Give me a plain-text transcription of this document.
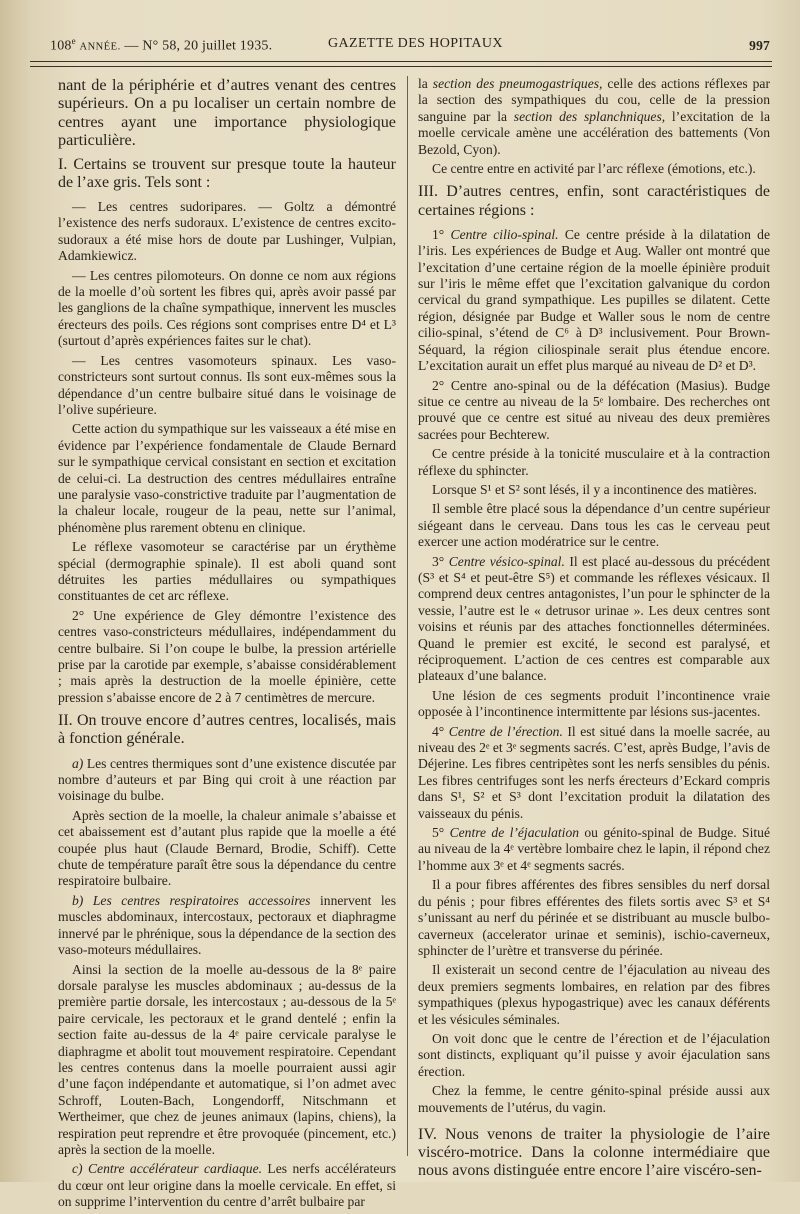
108e ANNÉE. — N° 58, 20 juillet 1935.	GAZETTE DES HOPITAUX	997

nant de la périphérie et d’autres venant des centres supérieurs. On a pu localiser un certain nombre de centres ayant une importance physiologique particulière.

I. Certains se trouvent sur presque toute la hauteur de l’axe gris. Tels sont :

— Les centres sudoripares. — Goltz a démontré l’existence des nerfs sudoraux. L’existence de centres excito-sudoraux a été mise hors de doute par Lushinger, Vulpian, Adamkiewicz.

— Les centres pilomoteurs. On donne ce nom aux régions de la moelle d’où sortent les fibres qui, après avoir passé par les ganglions de la chaîne sympathique, innervent les muscles érecteurs des poils. Ces régions sont comprises entre D⁴ et L³ (surtout d’après expériences faites sur le chat).

— Les centres vasomoteurs spinaux. Les vaso-constricteurs sont surtout connus. Ils sont eux-mêmes sous la dépendance d’un centre bulbaire situé dans le voisinage de l’olive supérieure.

Cette action du sympathique sur les vaisseaux a été mise en évidence par l’expérience fondamentale de Claude Bernard sur le sympathique cervical consistant en section et excitation de celui-ci. La destruction des centres médullaires entraîne une paralysie vaso-constrictive traduite par l’augmentation de la chaleur locale, rougeur de la peau, nette sur l’animal, phénomène plus rarement obtenu en clinique.

Le réflexe vasomoteur se caractérise par un érythème spécial (dermographie spinale). Il est aboli quand sont détruites les parties médullaires ou sympathiques constituantes de cet arc réflexe.

2° Une expérience de Gley démontre l’existence des centres vaso-constricteurs médullaires, indépendamment du centre bulbaire. Si l’on coupe le bulbe, la pression artérielle prise par la carotide par exemple, s’abaisse considérablement ; mais après la destruction de la moelle épinière, cette pression s’abaisse encore de 2 à 7 centimètres de mercure.

II. On trouve encore d’autres centres, localisés, mais à fonction générale.

a) Les centres thermiques sont d’une existence discutée par nombre d’auteurs et par Bing qui croit à une réaction par voisinage du bulbe.

Après section de la moelle, la chaleur animale s’abaisse et cet abaissement est d’autant plus rapide que la moelle a été coupée plus haut (Claude Bernard, Brodie, Schiff). Cette chute de température paraît être sous la dépendance du centre respiratoire bulbaire.

b) Les centres respiratoires accessoires innervent les muscles abdominaux, intercostaux, pectoraux et diaphragme innervé par le phrénique, sous la dépendance de la section des vaso-moteurs médullaires.

Ainsi la section de la moelle au-dessous de la 8ᵉ paire dorsale paralyse les muscles abdominaux ; au-dessus de la première partie dorsale, les intercostaux ; au-dessous de la 5ᵉ paire cervicale, les pectoraux et le grand dentelé ; enfin la section faite au-dessus de la 4ᵉ paire cervicale paralyse le diaphragme et abolit tout mouvement respiratoire. Cependant les centres contenus dans la moelle pourraient aussi agir d’une façon indépendante et automatique, si l’on admet avec Schroff, Louten-Bach, Longendorff, Nitschmann et Wertheimer, que chez de jeunes animaux (lapins, chiens), la respiration peut reprendre et être provoquée (pincement, etc.) après la section de la moelle.

c) Centre accélérateur cardiaque. Les nerfs accélérateurs du cœur ont leur origine dans la moelle cervicale. En effet, si on supprime l’intervention du centre d’arrêt bulbaire par

la section des pneumogastriques, celle des actions réflexes par la section des sympathiques du cou, celle de la pression sanguine par la section des splanchniques, l’excitation de la moelle cervicale amène une accélération des battements (Von Bezold, Cyon).

Ce centre entre en activité par l’arc réflexe (émotions, etc.).

III. D’autres centres, enfin, sont caractéristiques de certaines régions :

1° Centre cilio-spinal. Ce centre préside à la dilatation de l’iris. Les expériences de Budge et Aug. Waller ont montré que l’excitation d’une certaine région de la moelle épinière produit sur l’iris le même effet que l’excitation galvanique du cordon cervical du grand sympathique. Les pupilles se dilatent. Cette région, désignée par Budge et Waller sous le nom de centre cilio-spinal, s’étend de C⁶ à D³ inclusivement. Pour Brown-Séquard, la région ciliospinale serait plus étendue encore. L’excitation aurait un effet plus marqué au niveau de D² et D³.

2° Centre ano-spinal ou de la défécation (Masius). Budge situe ce centre au niveau de la 5ᵉ lombaire. Des recherches ont prouvé que ce centre est situé au niveau des deux premières sacrées pour Bechterew.

Ce centre préside à la tonicité musculaire et à la contraction réflexe du sphincter.

Lorsque S¹ et S² sont lésés, il y a incontinence des matières.

Il semble être placé sous la dépendance d’un centre supérieur siégeant dans le cerveau. Dans tous les cas le cerveau peut exercer une action modératrice sur le centre.

3° Centre vésico-spinal. Il est placé au-dessous du précédent (S³ et S⁴ et peut-être S⁵) et commande les réflexes vésicaux. Il comprend deux centres antagonistes, l’un pour le sphincter de la vessie, l’autre est le « detrusor urinae ». Les deux centres sont voisins et réunis par des attaches fonctionnelles déterminées. Quand le premier est excité, le second est paralysé, et réciproquement. L’action de ces centres est comparable aux plateaux d’une balance.

Une lésion de ces segments produit l’incontinence vraie opposée à l’incontinence intermittente par lésions sus-jacentes.

4° Centre de l’érection. Il est situé dans la moelle sacrée, au niveau des 2ᵉ et 3ᵉ segments sacrés. C’est, après Budge, l’avis de Déjerine. Les fibres centripètes sont les nerfs sensibles du pénis. Les fibres centrifuges sont les nerfs érecteurs d’Eckard compris dans S¹, S² et S³ dont l’excitation produit la dilatation des vaisseaux du pénis.

5° Centre de l’éjaculation ou génito-spinal de Budge. Situé au niveau de la 4ᵉ vertèbre lombaire chez le lapin, il répond chez l’homme aux 3ᵉ et 4ᵉ segments sacrés.

Il a pour fibres afférentes des fibres sensibles du nerf dorsal du pénis ; pour fibres efférentes des filets sortis avec S³ et S⁴ s’unissant au nerf du périnée et se distribuant au muscle bulbo-caverneux (accelerator urinae et seminis), ischio-caverneux, sphincter de l’urètre et transverse du périnée.

Il existerait un second centre de l’éjaculation au niveau des deux premiers segments lombaires, en relation par des fibres sympathiques (plexus hypogastrique) avec les canaux déférents et les vésicules séminales.

On voit donc que le centre de l’érection et de l’éjaculation sont distincts, expliquant qu’il puisse y avoir éjaculation sans érection.

Chez la femme, le centre génito-spinal préside aussi aux mouvements de l’utérus, du vagin.

IV. Nous venons de traiter la physiologie de l’aire viscéro-motrice. Dans la colonne intermédiaire que nous avons distinguée entre encore l’aire viscéro-sen-
